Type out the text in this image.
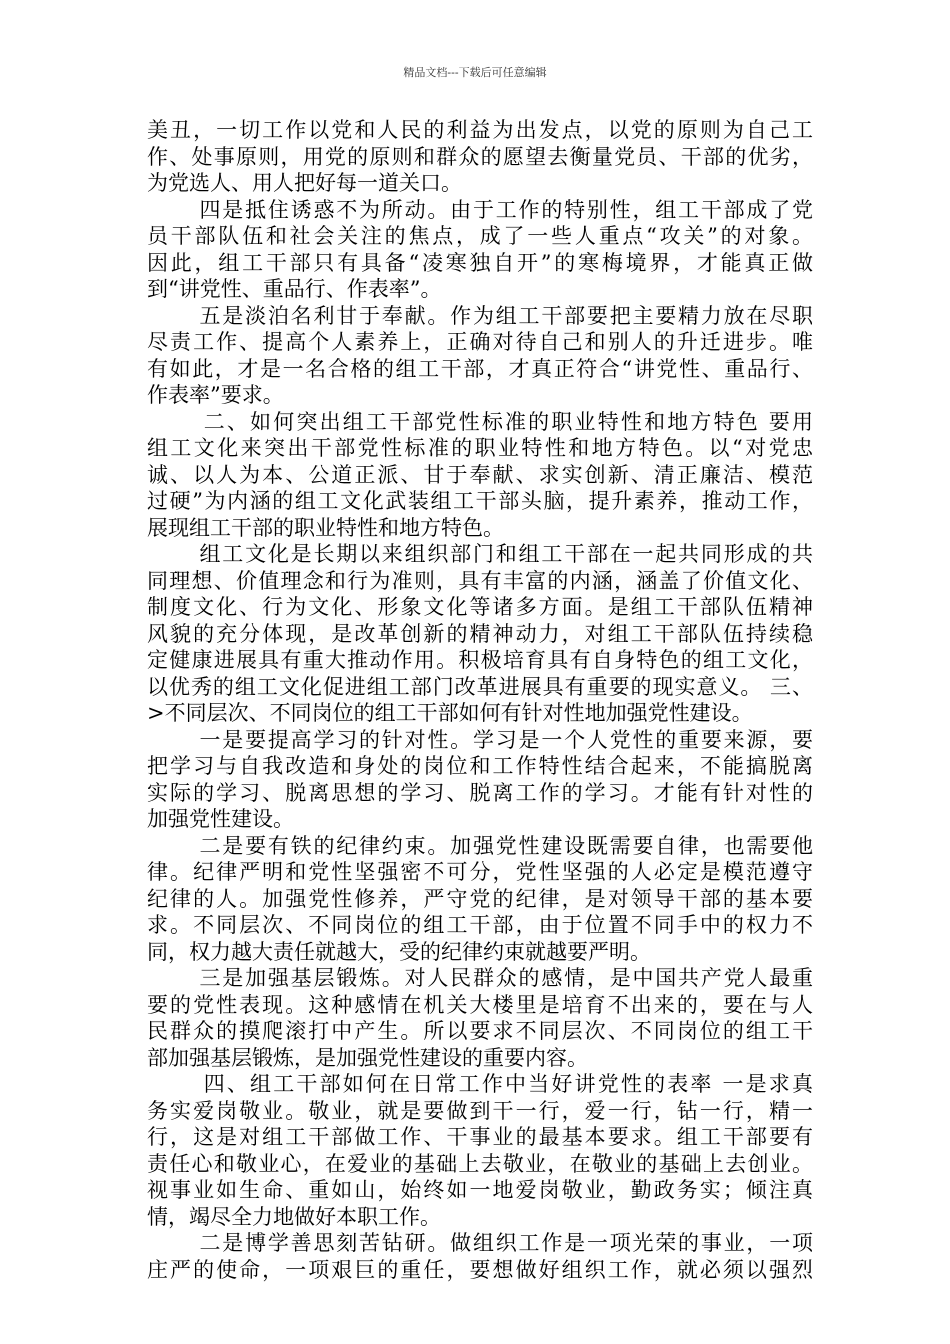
精品文档---下载后可任意编辑
美丑，一切工作以党和人民的利益为出发点，以党的原则为自己工
作、处事原则，用党的原则和群众的愿望去衡量党员、干部的优劣，
为党选人、用人把好每一道关口。
四是抵住诱惑不为所动。由于工作的特别性，组工干部成了党
员干部队伍和社会关注的焦点，成了一些人重点“攻关”的对象。
因此，组工干部只有具备“凌寒独自开”的寒梅境界，才能真正做
到“讲党性、重品行、作表率”。
五是淡泊名利甘于奉献。作为组工干部要把主要精力放在尽职
尽责工作、提高个人素养上，正确对待自己和别人的升迁进步。唯
有如此，才是一名合格的组工干部，才真正符合“讲党性、重品行、
作表率”要求。
二、如何突出组工干部党性标准的职业特性和地方特色 要用
组工文化来突出干部党性标准的职业特性和地方特色。以“对党忠
诚、以人为本、公道正派、甘于奉献、求实创新、清正廉洁、模范
过硬”为内涵的组工文化武装组工干部头脑，提升素养，推动工作，
展现组工干部的职业特性和地方特色。
组工文化是长期以来组织部门和组工干部在一起共同形成的共
同理想、价值理念和行为准则，具有丰富的内涵，涵盖了价值文化、
制度文化、行为文化、形象文化等诸多方面。是组工干部队伍精神
风貌的充分体现，是改革创新的精神动力，对组工干部队伍持续稳
定健康进展具有重大推动作用。积极培育具有自身特色的组工文化，
以优秀的组工文化促进组工部门改革进展具有重要的现实意义。 三、
>不同层次、不同岗位的组工干部如何有针对性地加强党性建设。
一是要提高学习的针对性。学习是一个人党性的重要来源，要
把学习与自我改造和身处的岗位和工作特性结合起来，不能搞脱离
实际的学习、脱离思想的学习、脱离工作的学习。才能有针对性的
加强党性建设。
二是要有铁的纪律约束。加强党性建设既需要自律，也需要他
律。纪律严明和党性坚强密不可分，党性坚强的人必定是模范遵守
纪律的人。加强党性修养，严守党的纪律，是对领导干部的基本要
求。不同层次、不同岗位的组工干部，由于位置不同手中的权力不
同，权力越大责任就越大，受的纪律约束就越要严明。
三是加强基层锻炼。对人民群众的感情，是中国共产党人最重
要的党性表现。这种感情在机关大楼里是培育不出来的，要在与人
民群众的摸爬滚打中产生。所以要求不同层次、不同岗位的组工干
部加强基层锻炼，是加强党性建设的重要内容。
四、组工干部如何在日常工作中当好讲党性的表率 一是求真
务实爱岗敬业。敬业，就是要做到干一行，爱一行，钻一行，精一
行，这是对组工干部做工作、干事业的最基本要求。组工干部要有
责任心和敬业心，在爱业的基础上去敬业，在敬业的基础上去创业。
视事业如生命、重如山，始终如一地爱岗敬业，勤政务实；倾注真
情，竭尽全力地做好本职工作。
二是博学善思刻苦钻研。做组织工作是一项光荣的事业，一项
庄严的使命，一项艰巨的重任，要想做好组织工作，就必须以强烈
